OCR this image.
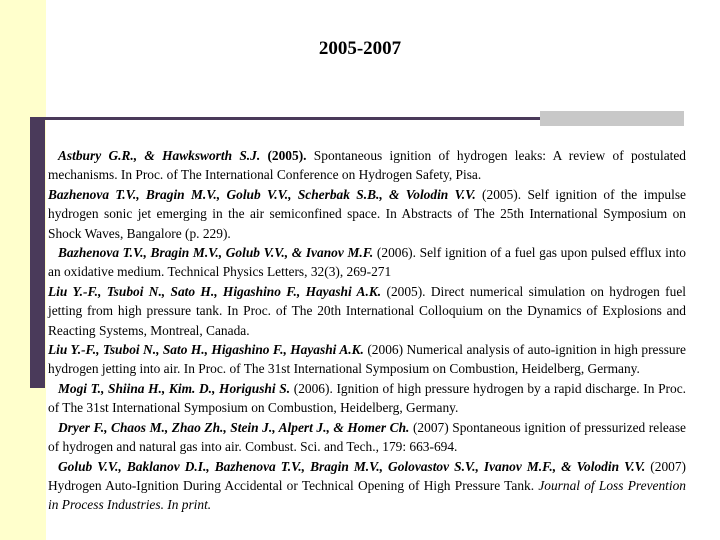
2005-2007

Astbury G.R., & Hawksworth S.J. (2005). Spontaneous ignition of hydrogen leaks: A review of postulated mechanisms. In Proc. of The International Conference on Hydrogen Safety, Pisa.

Bazhenova T.V., Bragin M.V., Golub V.V., Scherbak S.B., & Volodin V.V. (2005). Self ignition of the impulse hydrogen sonic jet emerging in the air semiconfined space. In Abstracts of The 25th International Symposium on Shock Waves, Bangalore (p. 229).

Bazhenova T.V., Bragin M.V., Golub V.V., & Ivanov M.F. (2006). Self ignition of a fuel gas upon pulsed efflux into an oxidative medium. Technical Physics Letters, 32(3), 269-271

Liu Y.-F., Tsuboi N., Sato H., Higashino F., Hayashi A.K. (2005). Direct numerical simulation on hydrogen fuel jetting from high pressure tank. In Proc. of The 20th International Colloquium on the Dynamics of Explosions and Reacting Systems, Montreal, Canada.

Liu Y.-F., Tsuboi N., Sato H., Higashino F., Hayashi A.K. (2006) Numerical analysis of auto-ignition in high pressure hydrogen jetting into air. In Proc. of The 31st International Symposium on Combustion, Heidelberg, Germany.

Mogi T., Shiina H., Kim. D., Horigushi S. (2006). Ignition of high pressure hydrogen by a rapid discharge. In Proc. of The 31st International Symposium on Combustion, Heidelberg, Germany.

Dryer F., Chaos M., Zhao Zh., Stein J., Alpert J., & Homer Ch. (2007) Spontaneous ignition of pressurized release of hydrogen and natural gas into air. Combust. Sci. and Tech., 179: 663-694.

Golub V.V., Baklanov D.I., Bazhenova T.V., Bragin M.V., Golovastov S.V., Ivanov M.F., & Volodin V.V. (2007) Hydrogen Auto-Ignition During Accidental or Technical Opening of High Pressure Tank. Journal of Loss Prevention in Process Industries. In print.
